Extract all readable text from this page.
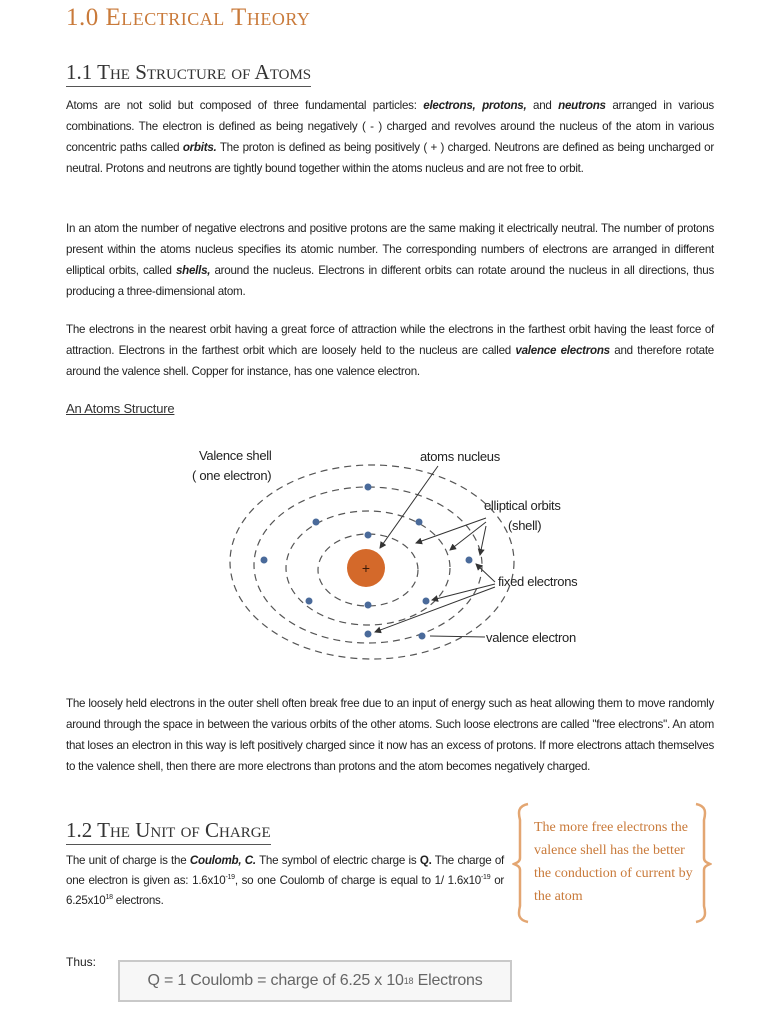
1.0 Electrical Theory
1.1 The Structure of Atoms

Atoms are not solid but composed of three fundamental particles: electrons, protons, and neutrons arranged in various combinations. The electron is defined as being negatively ( - ) charged and revolves around the nucleus of the atom in various concentric paths called orbits. The proton is defined as being positively ( + ) charged. Neutrons are defined as being uncharged or neutral. Protons and neutrons are tightly bound together within the atoms nucleus and are not free to orbit.

In an atom the number of negative electrons and positive protons are the same making it electrically neutral. The number of protons present within the atoms nucleus specifies its atomic number. The corresponding numbers of electrons are arranged in different elliptical orbits, called shells, around the nucleus. Electrons in different orbits can rotate around the nucleus in all directions, thus producing a three-dimensional atom.

The electrons in the nearest orbit having a great force of attraction while the electrons in the farthest orbit having the least force of attraction. Electrons in the farthest orbit which are loosely held to the nucleus are called valence electrons and therefore rotate around the valence shell. Copper for instance, has one valence electron.

An Atoms Structure
+
Valence shell
( one electron)
atoms nucleus
elliptical orbits
(shell)
fixed electrons
valence electron

The loosely held electrons in the outer shell often break free due to an input of energy such as heat allowing them to move randomly around through the space in between the various orbits of the other atoms. Such loose electrons are called "free electrons". An atom that loses an electron in this way is left positively charged since it now has an excess of protons. If more electrons attach themselves to the valence shell, then there are more electrons than protons and the atom becomes negatively charged.

1.2 The Unit of Charge

The unit of charge is the Coulomb, C. The symbol of electric charge is Q. The charge of one electron is given as: $1.6x10^{-19}$, so one Coulomb of charge is equal to 1/ $1.6x10^{-19}$ or $6.25x10^{18}$ electrons.

The more free electrons the valence shell has the better the conduction of current by the atom
Thus:
Q = 1 Coulomb = charge of 6.25 x 10 18 Electrons
